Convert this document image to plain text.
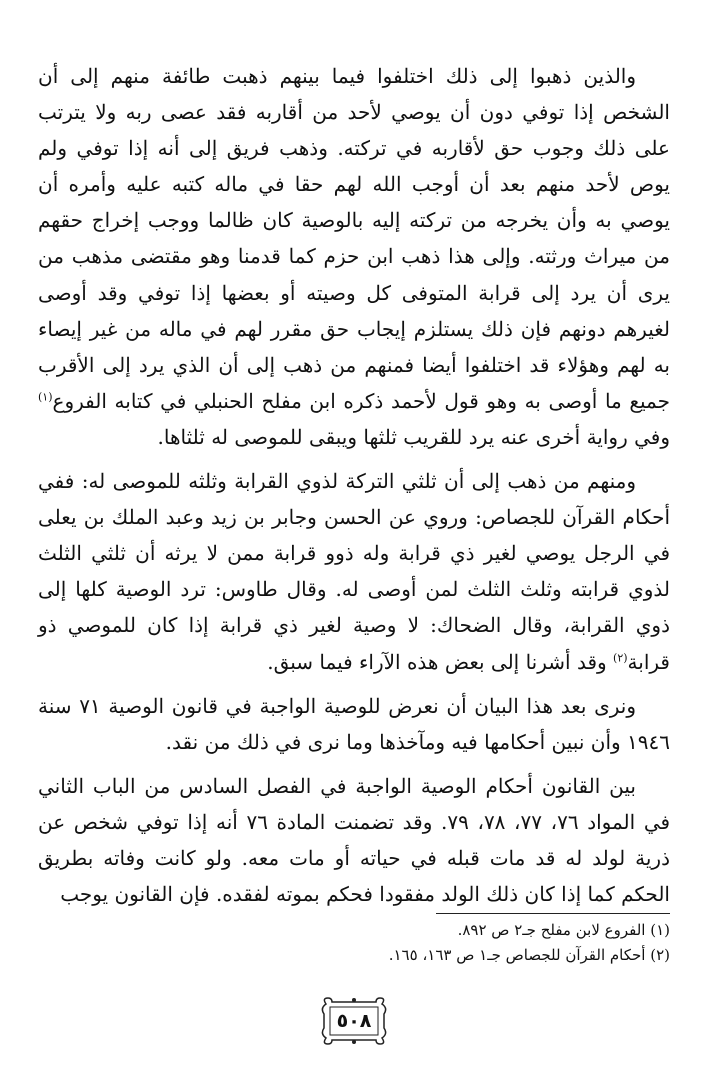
والذين ذهبوا إلى ذلك اختلفوا فيما بينهم ذهبت طائفة منهم إلى أن الشخص إذا توفي دون أن يوصي لأحد من أقاربه فقد عصى ربه ولا يترتب على ذلك وجوب حق لأقاربه في تركته. وذهب فريق إلى أنه إذا توفي ولم يوص لأحد منهم بعد أن أوجب الله لهم حقا في ماله كتبه عليه وأمره أن يوصي به وأن يخرجه من تركته إليه بالوصية كان ظالما ووجب إخراج حقهم من ميراث ورثته. وإلى هذا ذهب ابن حزم كما قدمنا وهو مقتضى مذهب من يرى أن يرد إلى قرابة المتوفى كل وصيته أو بعضها إذا توفي وقد أوصى لغيرهم دونهم فإن ذلك يستلزم إيجاب حق مقرر لهم في ماله من غير إيصاء به لهم وهؤلاء قد اختلفوا أيضا فمنهم من ذهب إلى أن الذي يرد إلى الأقرب جميع ما أوصى به وهو قول لأحمد ذكره ابن مفلح الحنبلي في كتابه الفروع$^{(١)}$ وفي رواية أخرى عنه يرد للقريب ثلثها ويبقى للموصى له ثلثاها.

ومنهم من ذهب إلى أن ثلثي التركة لذوي القرابة وثلثه للموصى له: ففي أحكام القرآن للجصاص: وروي عن الحسن وجابر بن زيد وعبد الملك بن يعلى في الرجل يوصي لغير ذي قرابة وله ذوو قرابة ممن لا يرثه أن ثلثي الثلث لذوي قرابته وثلث الثلث لمن أوصى له. وقال طاوس: ترد الوصية كلها إلى ذوي القرابة، وقال الضحاك: لا وصية لغير ذي قرابة إذا كان للموصي ذو قرابة$^{(٢)}$ وقد أشرنا إلى بعض هذه الآراء فيما سبق.

ونرى بعد هذا البيان أن نعرض للوصية الواجبة في قانون الوصية ٧١ سنة ١٩٤٦ وأن نبين أحكامها فيه ومآخذها وما نرى في ذلك من نقد.

بين القانون أحكام الوصية الواجبة في الفصل السادس من الباب الثاني في المواد ٧٦، ٧٧، ٧٨، ٧٩. وقد تضمنت المادة ٧٦ أنه إذا توفي شخص عن ذرية لولد له قد مات قبله في حياته أو مات معه. ولو كانت وفاته بطريق الحكم كما إذا كان ذلك الولد مفقودا فحكم بموته لفقده. فإن القانون يوجب

(١) الفروع لابن مفلح جـ٢ ص ٨٩٢.

(٢) أحكام القرآن للجصاص جـ١ ص ١٦٣، ١٦٥.

٥٠٨
